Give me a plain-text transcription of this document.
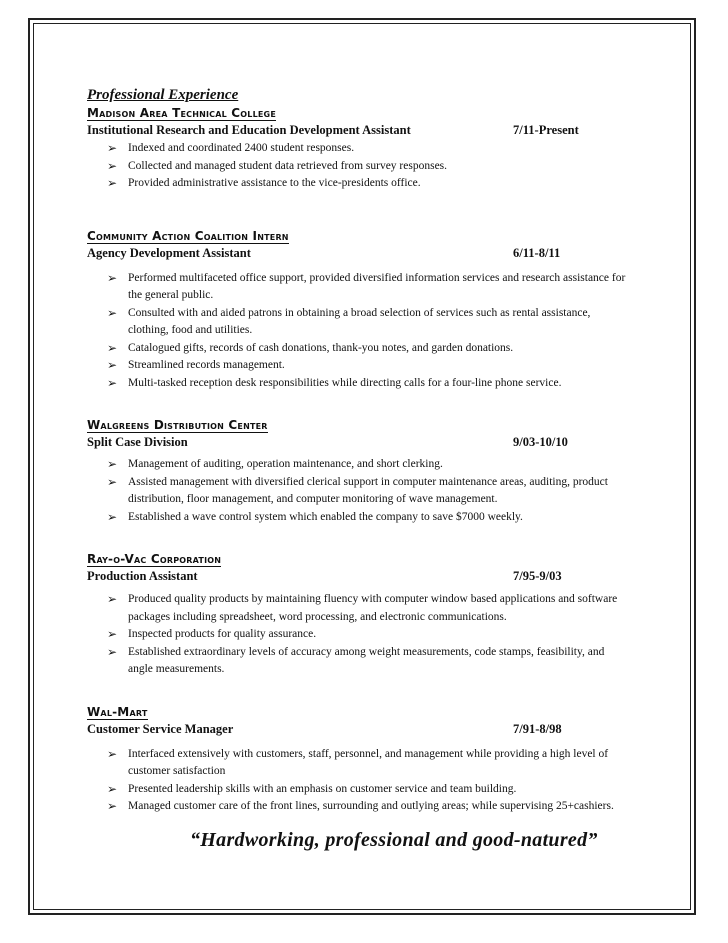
Professional Experience
Madison Area Technical College
Institutional Research and Education Development Assistant	7/11-Present
➢ Indexed and coordinated 2400 student responses.
➢ Collected and managed student data retrieved from survey responses.
➢ Provided administrative assistance to the vice-presidents office.
Community Action Coalition Intern
Agency Development Assistant	6/11-8/11
➢ Performed multifaceted office support, provided diversified information services and research assistance for the general public.
➢ Consulted with and aided patrons in obtaining a broad selection of services such as rental assistance, clothing, food and utilities.
➢ Catalogued gifts, records of cash donations, thank-you notes, and garden donations.
➢ Streamlined records management.
➢ Multi-tasked reception desk responsibilities while directing calls for a four-line phone service.
Walgreens Distribution Center
Split Case Division	9/03-10/10
➢ Management of auditing, operation maintenance, and short clerking.
➢ Assisted management with diversified clerical support in computer maintenance areas, auditing, product distribution, floor management, and computer monitoring of wave management.
➢ Established a wave control system which enabled the company to save $7000 weekly.
Ray-o-Vac Corporation
Production Assistant	7/95-9/03
➢ Produced quality products by maintaining fluency with computer window based applications and software packages including spreadsheet, word processing, and electronic communications.
➢ Inspected products for quality assurance.
➢ Established extraordinary levels of accuracy among weight measurements, code stamps, feasibility, and angle measurements.
Wal-Mart
Customer Service Manager	7/91-8/98
➢ Interfaced extensively with customers, staff, personnel, and management while providing a high level of customer satisfaction
➢ Presented leadership skills with an emphasis on customer service and team building.
➢ Managed customer care of the front lines, surrounding and outlying areas; while supervising 25+cashiers.
“Hardworking, professional and good-natured”
